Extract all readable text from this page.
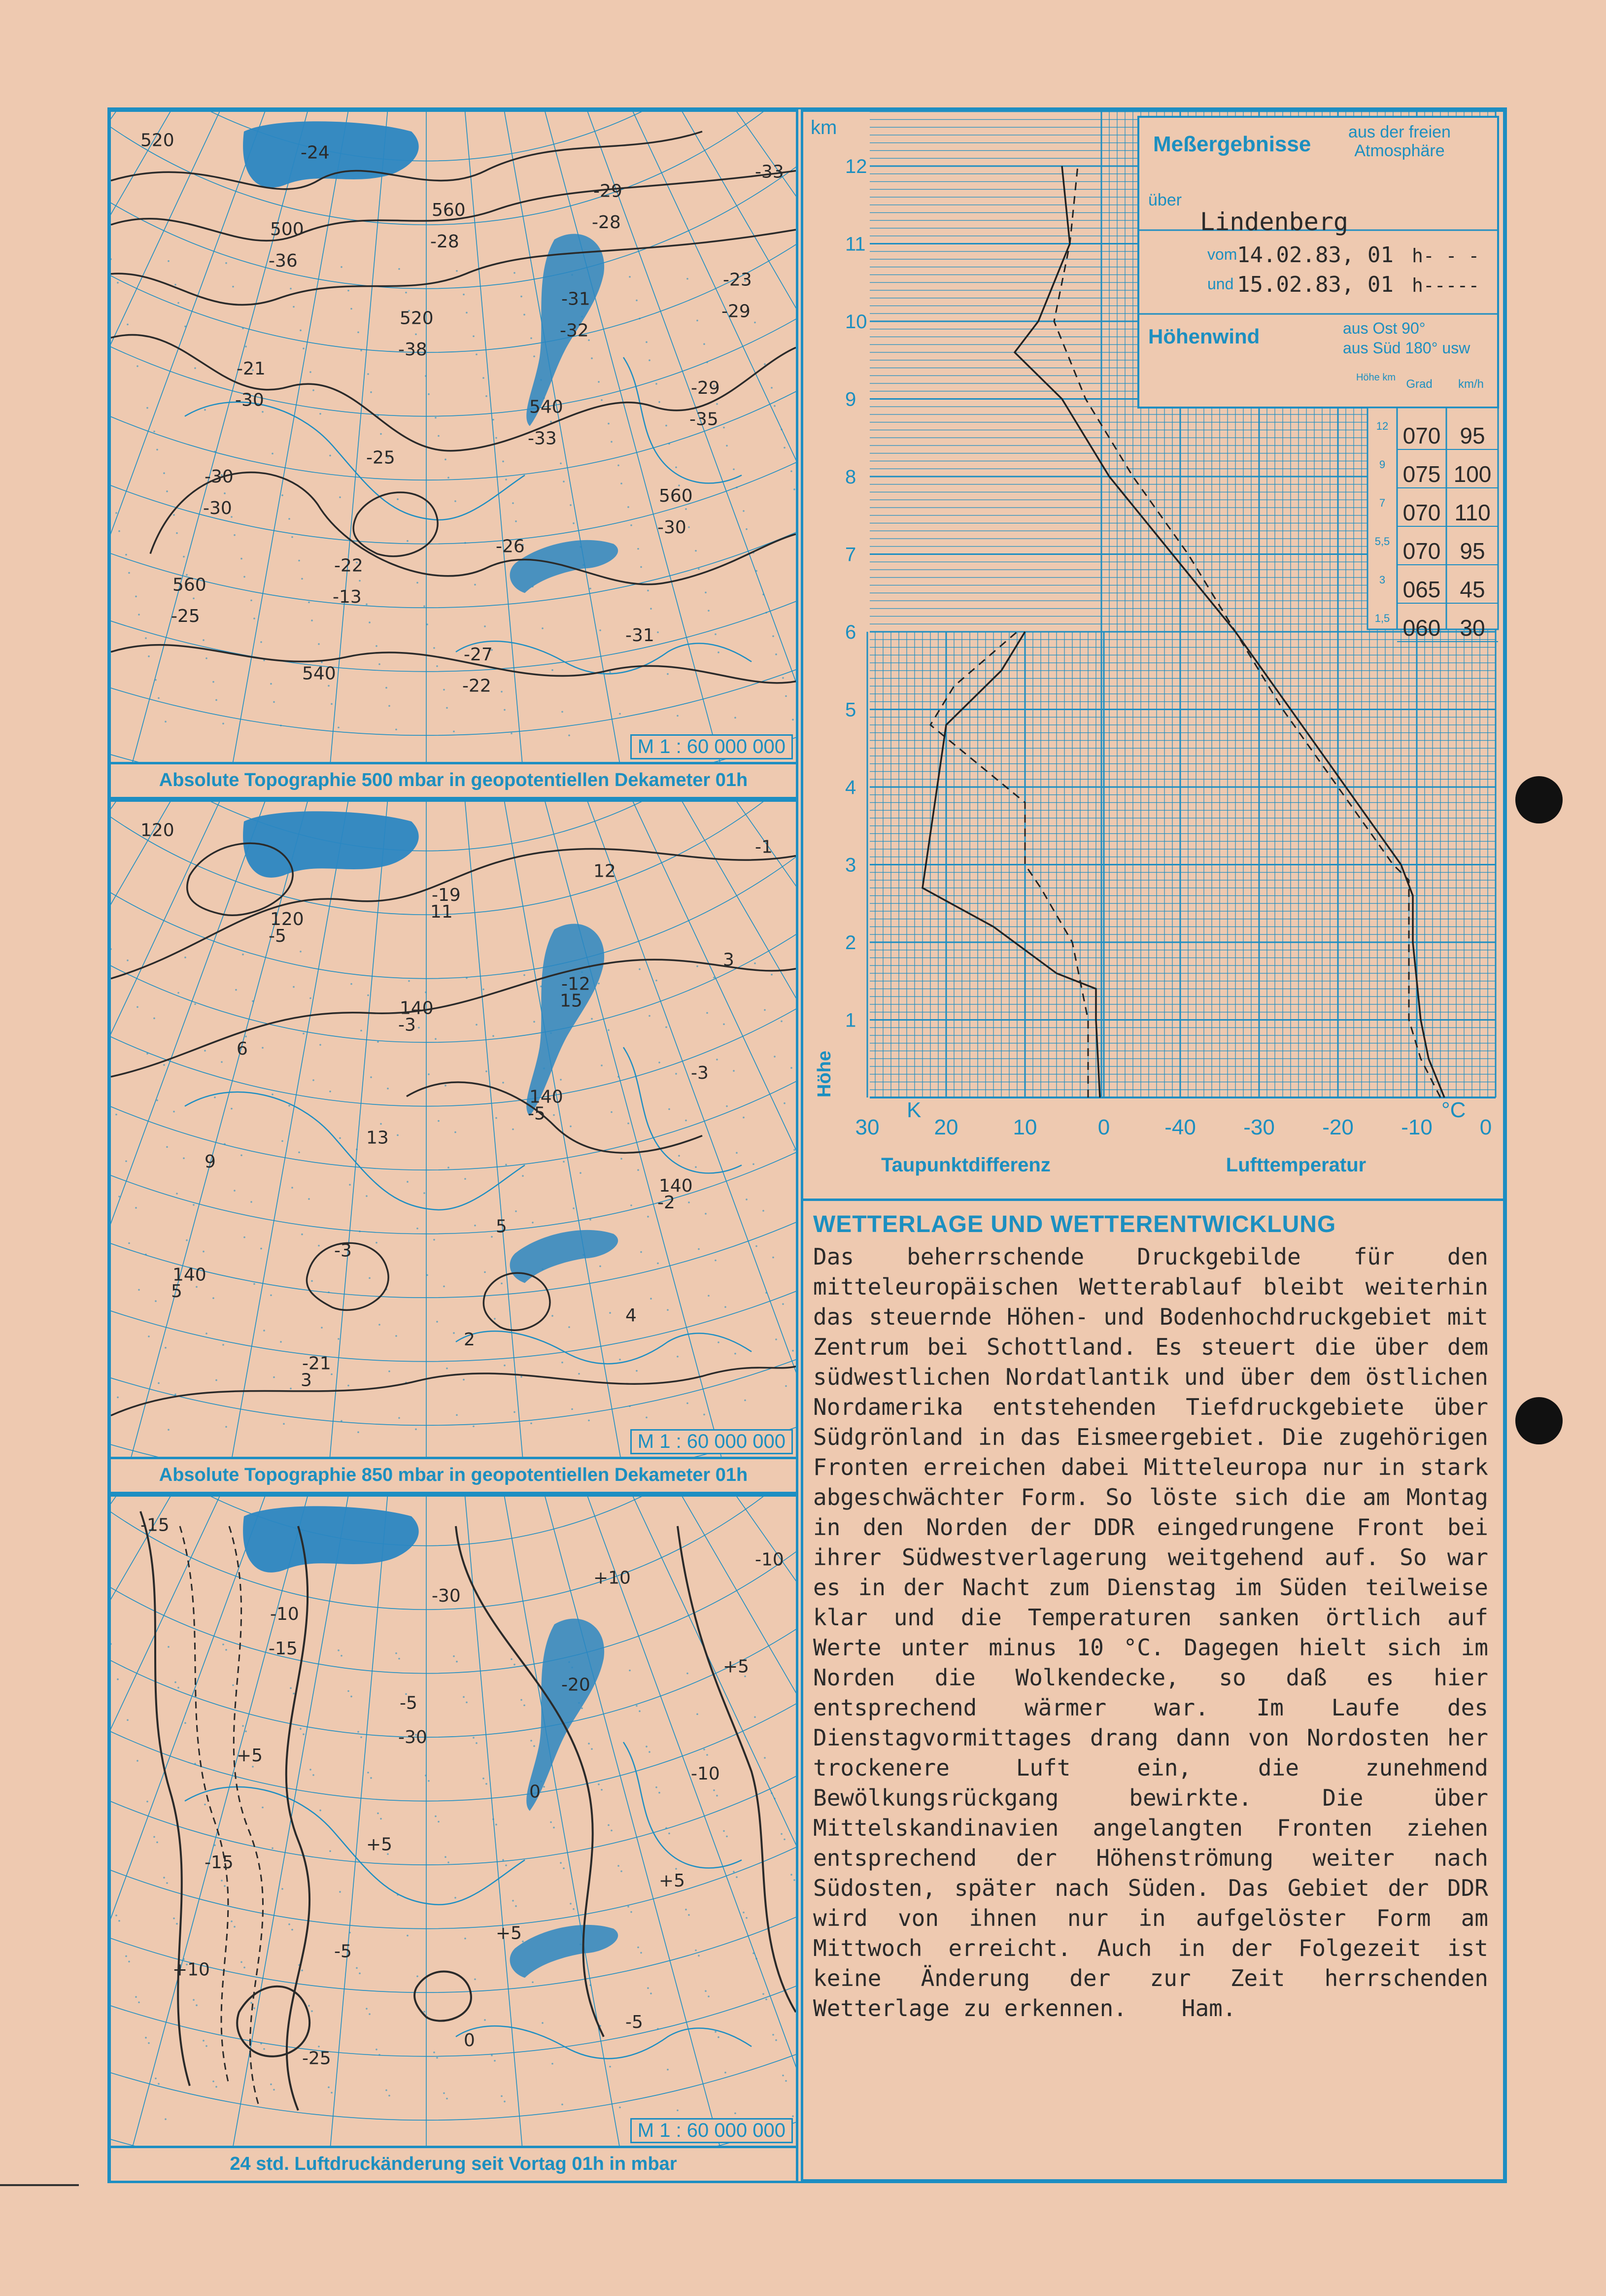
520
500
520
540
560
560
540
560
-31
-29
-30
-22
-27
-29
-23
-21
-25
-26
-31
-33
-36
-38
-33
-30
-25
-24
-28
-32
-35
-30
-13
-22
-28
-29
-30
M 1 : 60 000 000
Absolute Topographie 500 mbar in geopotentiellen Dekameter 01h
120
120
140
140
140
140
-21
-19
-12
-3
9
-3
2
12
3
6
13
5
4
-1
-5
-3
-5
-2
5
3
11
15
M 1 : 60 000 000
Absolute Topographie 850 mbar in geopotentiellen Dekameter 01h
-15
-10
-5
0
+5
+10
-25
-30
-20
-10
-15
-5
0
+10
+5
+5
+5
+5
-5
-10
-15
-30
M 1 : 60 000 000
24 std. Luftdruckänderung seit Vortag 01h in mbar
1
2
3
4
5
6
7
8
9
10
11
12
30	20	10	0	-40 -30 -20 -10 0
Meßergebnisse aus der freien
Atmosphäre
über
Lindenberg
vom 14.02.83, 01 h- - -
und 15.02.83, 01 h-----
Höhenwind	aus Ost 90°
aus Süd 180° usw
Höhe km Grad km/h
12 070 95
9 075 100
7 070 110
5,5 070 95
3 065 45
1,5 060 30
km
Höhe
K	°C
Taupunktdifferenz	Lufttemperatur
WETTERLAGE UND WETTERENTWICKLUNG

Das beherrschende Druckgebilde für den mitteleuropäischen Wetterablauf bleibt weiterhin das steuernde Höhen- und Bodenhochdruckgebiet mit Zentrum bei Schottland. Es steuert die über dem südwestlichen Nordatlantik und über dem östlichen Nordamerika entstehenden Tiefdruckgebiete über Südgrönland in das Eismeergebiet. Die zugehörigen Fronten erreichen dabei Mitteleuropa nur in stark abgeschwächter Form. So löste sich die am Montag in den Norden der DDR eingedrungene Front bei ihrer Südwestverlagerung weitgehend auf. So war es in der Nacht zum Dienstag im Süden teilweise klar und die Temperaturen sanken örtlich auf Werte unter minus 10 °C. Dagegen hielt sich im Norden die Wolkendecke, so daß es hier entsprechend wärmer war. Im Laufe des Dienstagvormittages drang dann von Nordosten her trockenere Luft ein, die zunehmend Bewölkungsrückgang bewirkte. Die über Mittelskandinavien angelangten Fronten ziehen entsprechend der Höhenströmung weiter nach Südosten, später nach Süden. Das Gebiet der DDR wird von ihnen nur in aufgelöster Form am Mittwoch erreicht. Auch in der Folgezeit ist keine Änderung der zur Zeit herrschenden Wetterlage zu erkennen. Ham.
